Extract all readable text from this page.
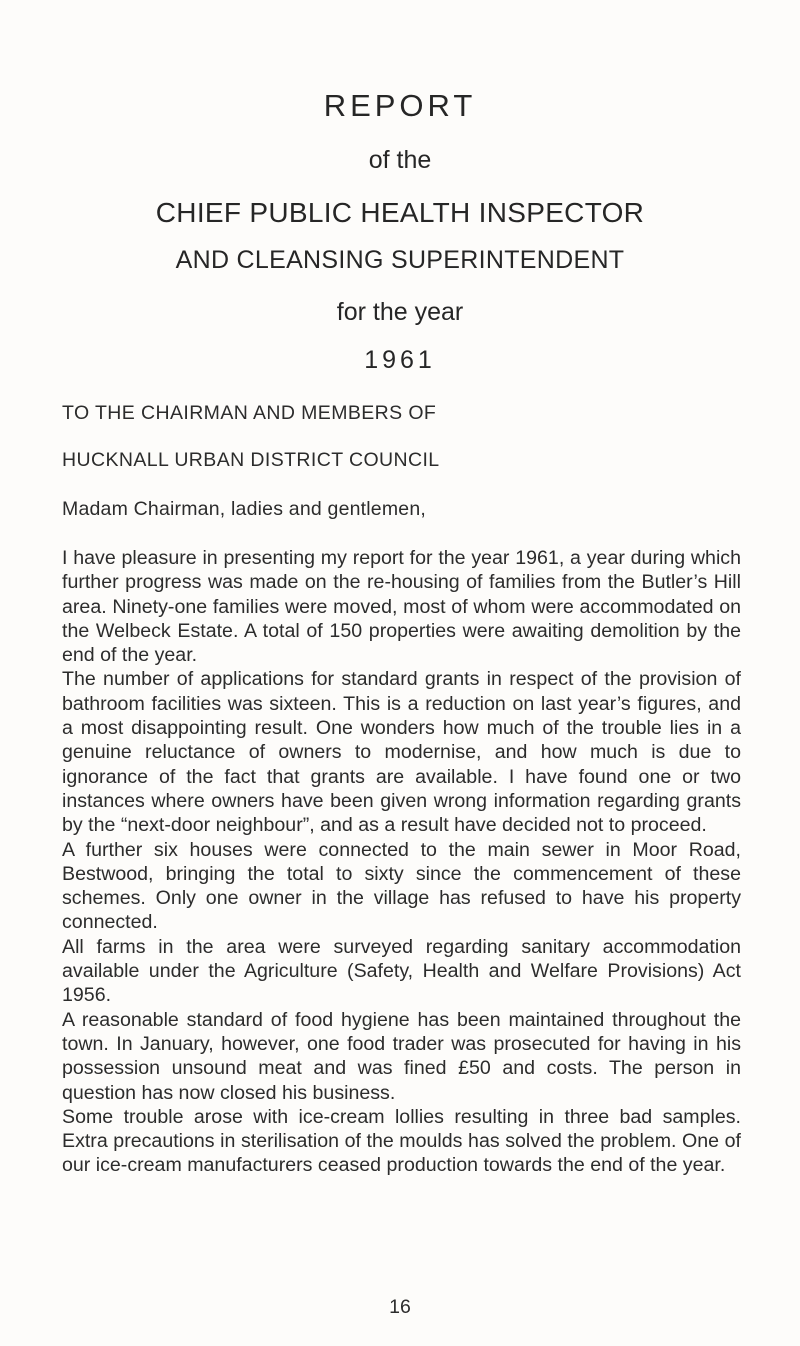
REPORT
of the
CHIEF PUBLIC HEALTH INSPECTOR
AND CLEANSING SUPERINTENDENT
for the year
1961
TO THE CHAIRMAN AND MEMBERS OF
HUCKNALL URBAN DISTRICT COUNCIL
Madam Chairman, ladies and gentlemen,

I have pleasure in presenting my report for the year 1961, a year during which further progress was made on the re-housing of families from the Butler’s Hill area. Ninety-one families were moved, most of whom were accommodated on the Welbeck Estate. A total of 150 properties were awaiting demolition by the end of the year.

The number of applications for standard grants in respect of the provision of bathroom facilities was sixteen. This is a reduction on last year’s figures, and a most disappointing result. One wonders how much of the trouble lies in a genuine reluctance of owners to modernise, and how much is due to ignorance of the fact that grants are available. I have found one or two instances where owners have been given wrong information regarding grants by the “next-door neighbour”, and as a result have decided not to proceed.

A further six houses were connected to the main sewer in Moor Road, Bestwood, bringing the total to sixty since the commencement of these schemes. Only one owner in the village has refused to have his property connected.

All farms in the area were surveyed regarding sanitary accommodation available under the Agriculture (Safety, Health and Welfare Provisions) Act 1956.

A reasonable standard of food hygiene has been maintained throughout the town. In January, however, one food trader was prosecuted for having in his possession unsound meat and was fined £50 and costs. The person in question has now closed his business.

Some trouble arose with ice-cream lollies resulting in three bad samples. Extra precautions in sterilisation of the moulds has solved the problem. One of our ice-cream manufacturers ceased production towards the end of the year.

16
